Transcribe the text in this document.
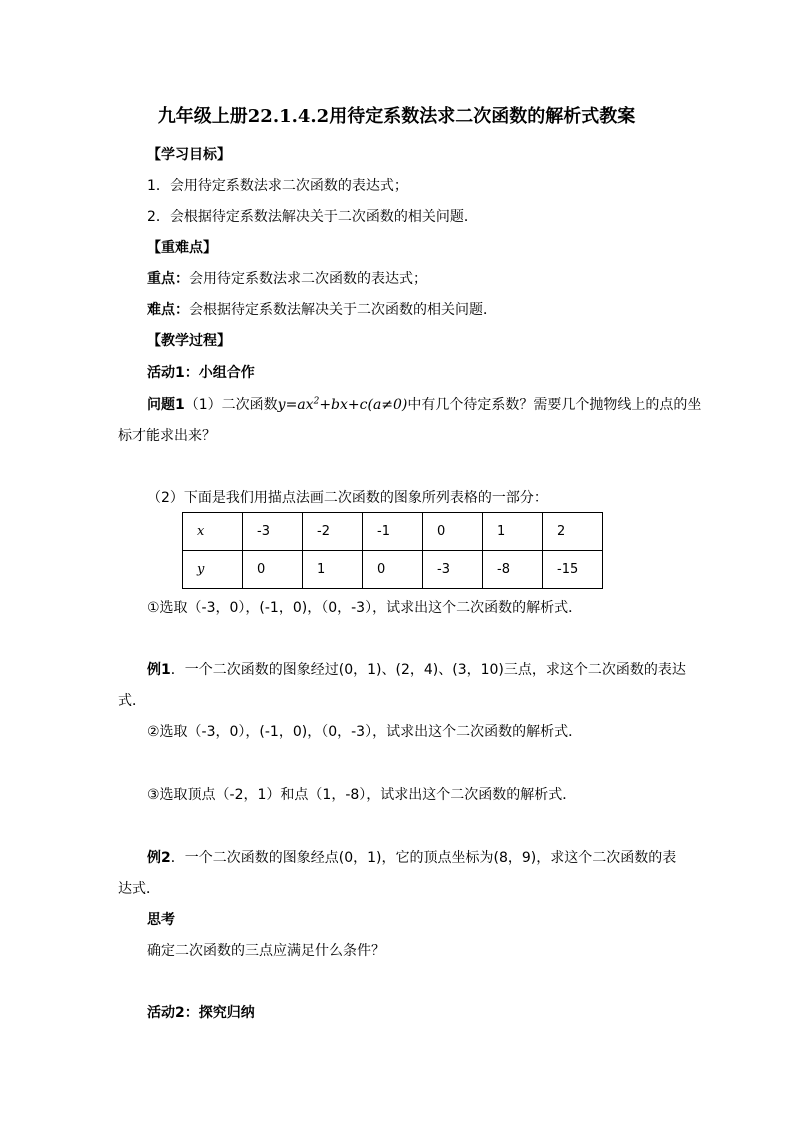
九年级上册22.1.4.2用待定系数法求二次函数的解析式教案
【学习目标】
1．会用待定系数法求二次函数的表达式；
2．会根据待定系数法解决关于二次函数的相关问题．
【重难点】
重点：会用待定系数法求二次函数的表达式；
难点：会根据待定系数法解决关于二次函数的相关问题．
【教学过程】
活动1：小组合作
问题1（1）二次函数$y=ax^2+bx+c(a\ne 0)$中有几个待定系数？需要几个抛物线上的点的坐
标才能求出来？
（2）下面是我们用描点法画二次函数的图象所列表格的一部分：
x	-3	-2	-1	0	1	2
y	0	1	0	-3	-8	-15
①选取（-3，0），(-1，0)，（0，-3），试求出这个二次函数的解析式．
例1．一个二次函数的图象经过(0，1)、(2，4)、(3，10)三点，求这个二次函数的表达
式．
②选取（-3，0），(-1，0)，（0，-3），试求出这个二次函数的解析式．
③选取顶点（-2，1）和点（1，-8），试求出这个二次函数的解析式．
例2．一个二次函数的图象经点(0，1)，它的顶点坐标为(8，9)，求这个二次函数的表
达式．
思考
确定二次函数的三点应满足什么条件？
活动2：探究归纳
